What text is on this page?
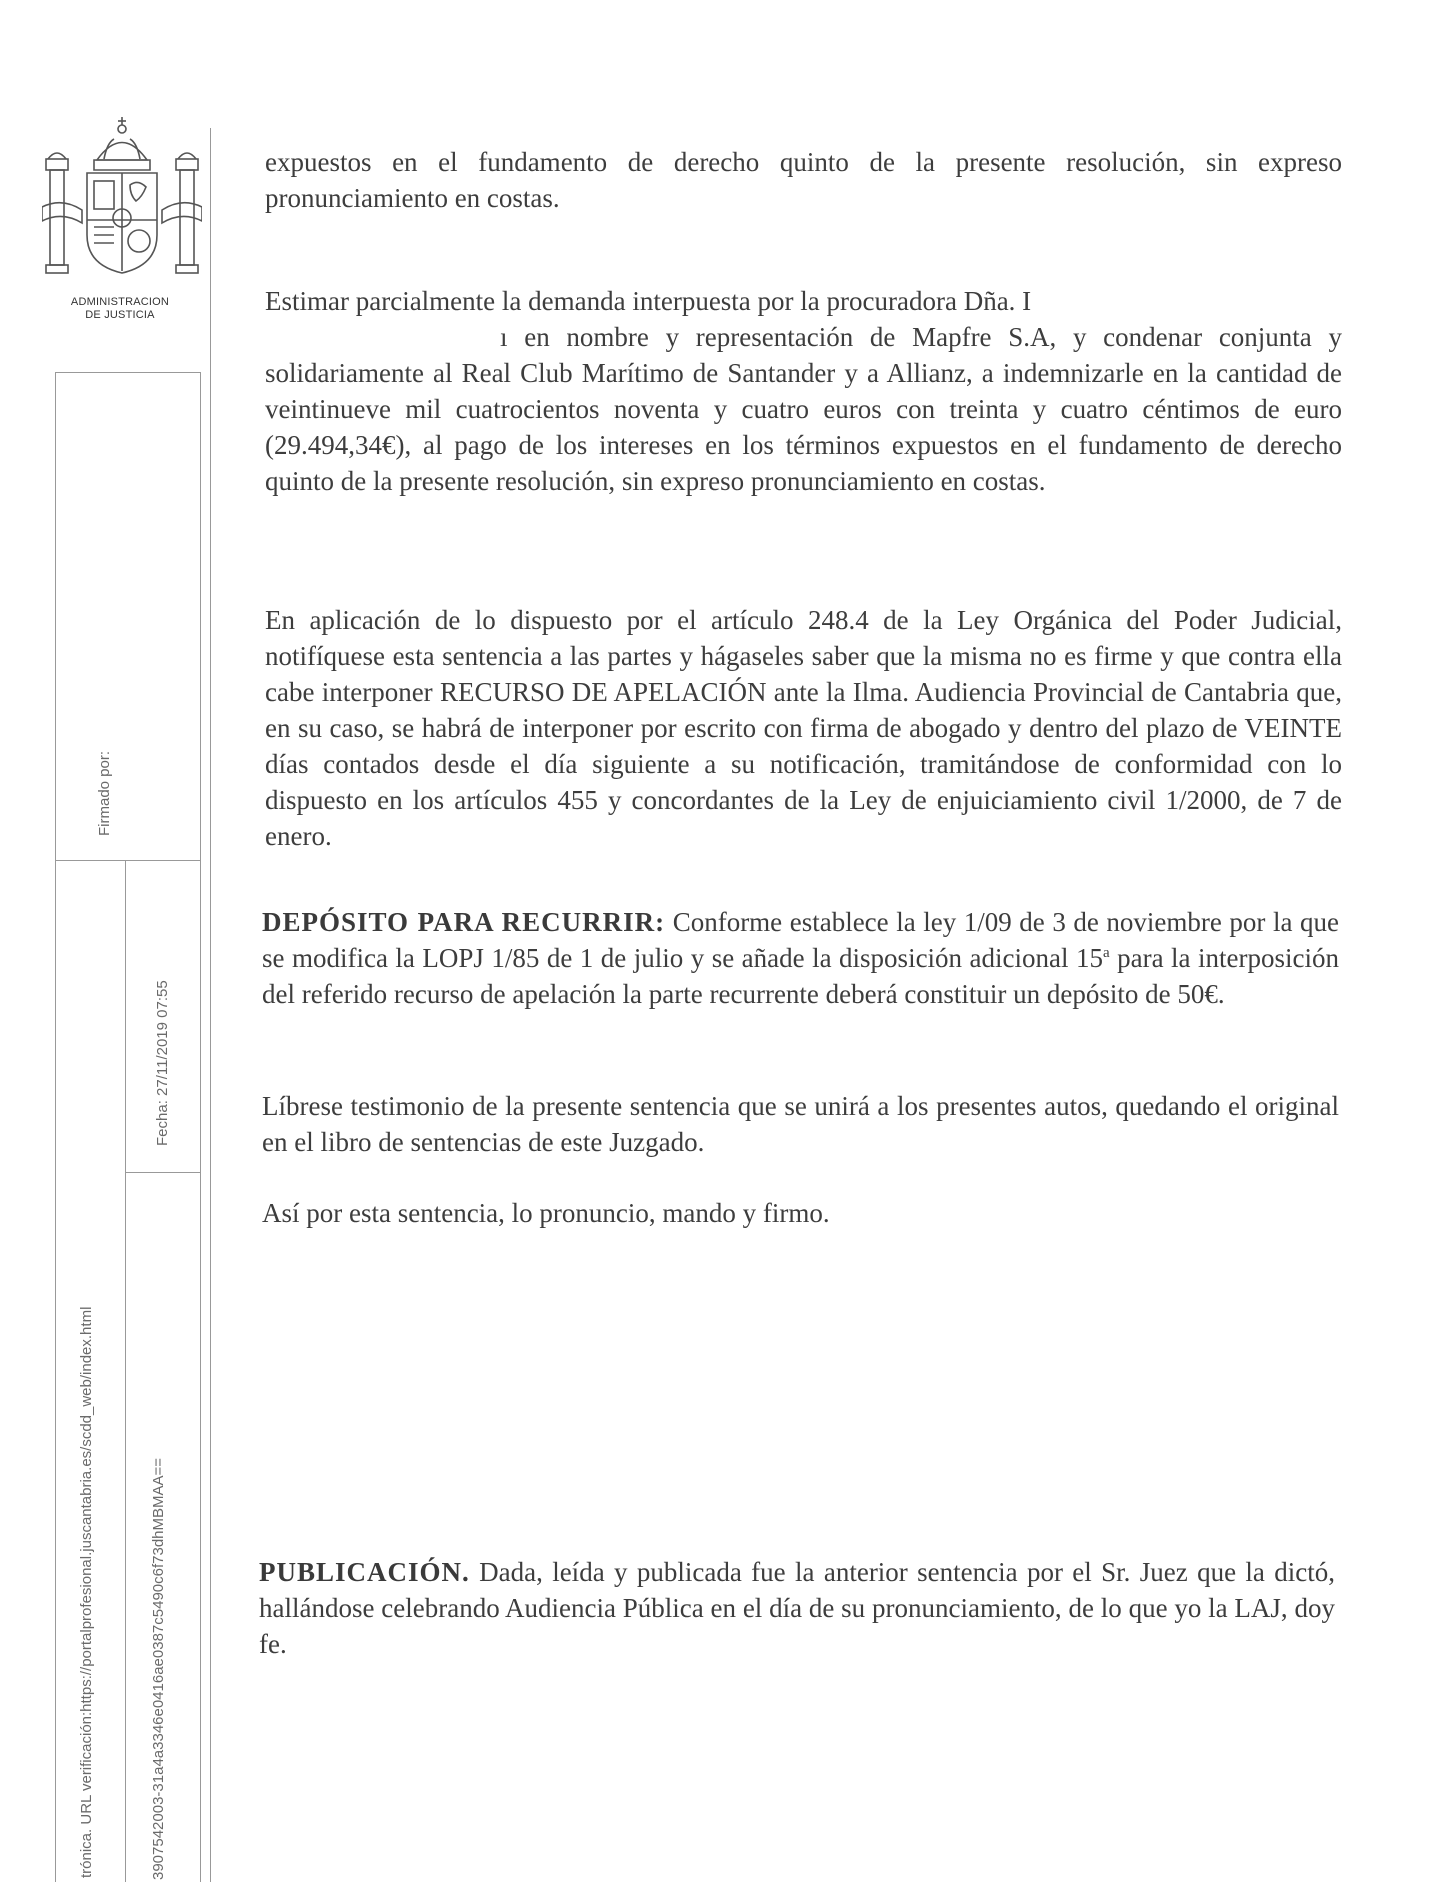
ADMINISTRACION
DE JUSTICIA
Firmado por:
Fecha: 27/11/2019 07:55
trónica. URL verificación:https://portalprofesional.juscantabria.es/scdd_web/index.html	3907542003-31a4a3346e0416ae0387c5490c6f73dhMBMAA==

expuestos en el fundamento de derecho quinto de la presente resolución, sin expreso pronunciamiento en costas.

Estimar parcialmente la demanda interpuesta por la procuradora Dña. I
ı en nombre y representación de Mapfre S.A, y condenar conjunta y solidariamente al Real Club Marítimo de Santander y a Allianz, a indemnizarle en la cantidad de veintinueve mil cuatrocientos noventa y cuatro euros con treinta y cuatro céntimos de euro (29.494,34€), al pago de los intereses en los términos expuestos en el fundamento de derecho quinto de la presente resolución, sin expreso pronunciamiento en costas.

En aplicación de lo dispuesto por el artículo 248.4 de la Ley Orgánica del Poder Judicial, notifíquese esta sentencia a las partes y hágaseles saber que la misma no es firme y que contra ella cabe interponer RECURSO DE APELACIÓN ante la Ilma. Audiencia Provincial de Cantabria que, en su caso, se habrá de interponer por escrito con firma de abogado y dentro del plazo de VEINTE días contados desde el día siguiente a su notificación, tramitándose de conformidad con lo dispuesto en los artículos 455 y concordantes de la Ley de enjuiciamiento civil 1/2000, de 7 de enero.

DEPÓSITO PARA RECURRIR: Conforme establece la ley 1/09 de 3 de noviembre por la que se modifica la LOPJ 1/85 de 1 de julio y se añade la disposición adicional 15$^a$ para la interposición del referido recurso de apelación la parte recurrente deberá constituir un depósito de 50€.

Líbrese testimonio de la presente sentencia que se unirá a los presentes autos, quedando el original en el libro de sentencias de este Juzgado.

Así por esta sentencia, lo pronuncio, mando y firmo.

PUBLICACIÓN. Dada, leída y publicada fue la anterior sentencia por el Sr. Juez que la dictó, hallándose celebrando Audiencia Pública en el día de su pronunciamiento, de lo que yo la LAJ, doy fe.
